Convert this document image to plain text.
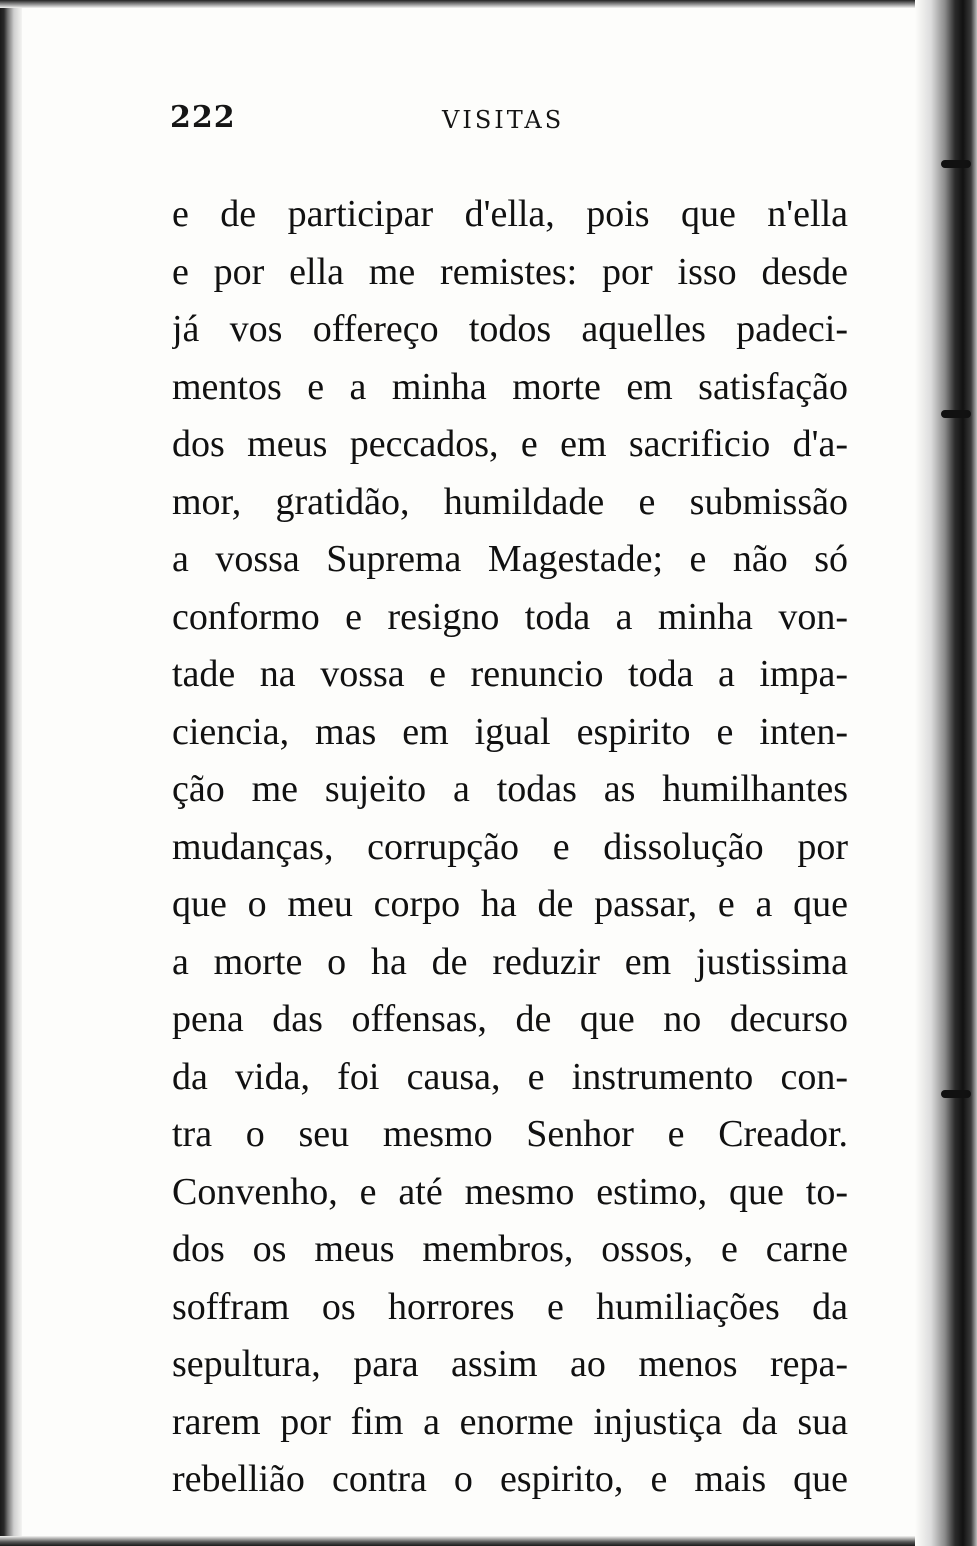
222	VISITAS
e de participar d'ella, pois que n'ella
e por ella me remistes: por isso desde
já vos offereço todos aquelles padeci-
mentos e a minha morte em satisfação
dos meus peccados, e em sacrificio d'a-
mor, gratidão, humildade e submissão
a vossa Suprema Magestade; e não só
conformo e resigno toda a minha von-
tade na vossa e renuncio toda a impa-
ciencia, mas em igual espirito e inten-
ção me sujeito a todas as humilhantes
mudanças, corrupção e dissolução por
que o meu corpo ha de passar, e a que
a morte o ha de reduzir em justissima
pena das offensas, de que no decurso
da vida, foi causa, e instrumento con-
tra o seu mesmo Senhor e Creador.
Convenho, e até mesmo estimo, que to-
dos os meus membros, ossos, e carne
soffram os horrores e humiliações da
sepultura, para assim ao menos repa-
rarem por fim a enorme injustiça da sua
rebellião contra o espirito, e mais que
